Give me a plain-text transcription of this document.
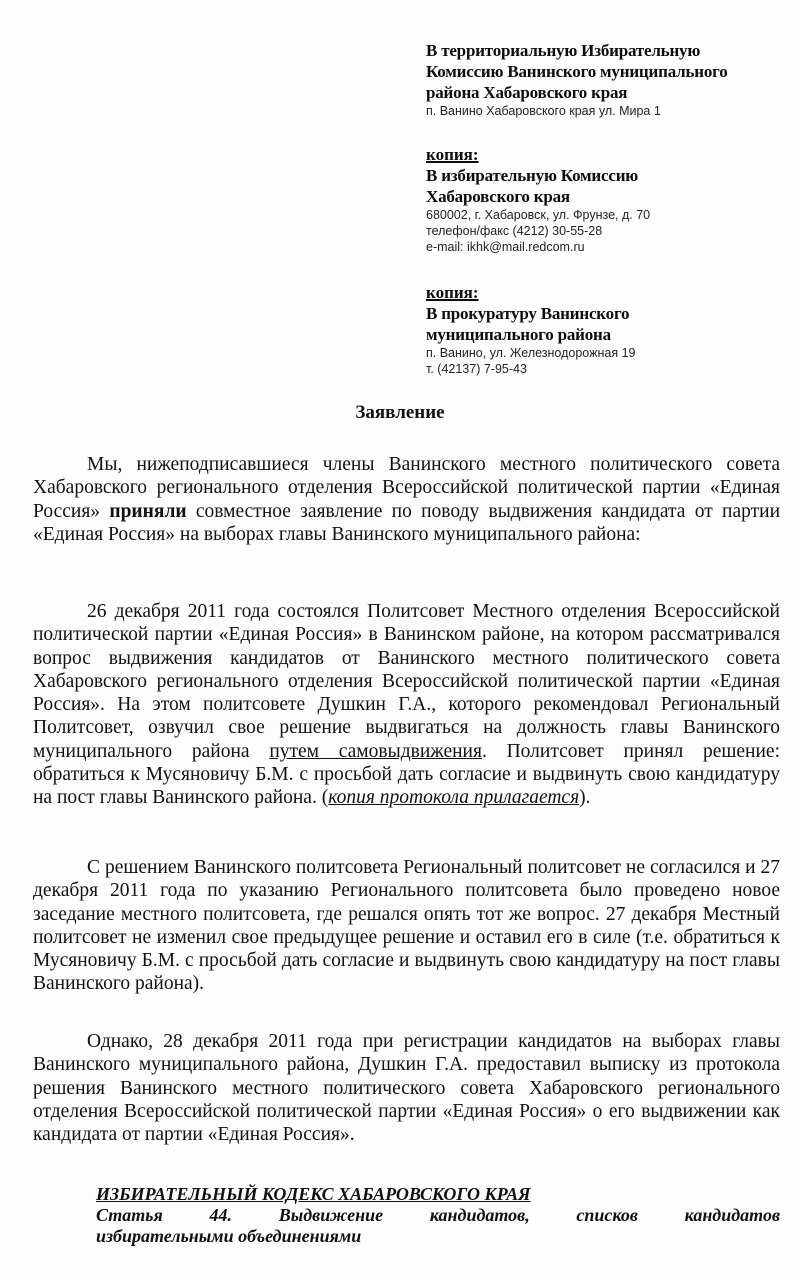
В территориальную Избирательную
Комиссию Ванинского муниципального
района Хабаровского края
п. Ванино Хабаровского края ул. Мира 1
копия:
В избирательную Комиссию
Хабаровского края
680002, г. Хабаровск, ул. Фрунзе, д. 70
телефон/факс (4212) 30-55-28
e-mail: ikhk@mail.redcom.ru
копия:
В прокуратуру Ванинского
муниципального района
п. Ванино, ул. Железнодорожная 19
т. (42137) 7-95-43
Заявление

Мы, нижеподписавшиеся члены Ванинского местного политического совета Хабаровского регионального отделения Всероссийской политической партии «Единая Россия» приняли совместное заявление по поводу выдвижения кандидата от партии «Единая Россия» на выборах главы Ванинского муниципального района:

26 декабря 2011 года состоялся Политсовет Местного отделения Всероссийской политической партии «Единая Россия» в Ванинском районе, на котором рассматривался вопрос выдвижения кандидатов от Ванинского местного политического совета Хабаровского регионального отделения Всероссийской политической партии «Единая Россия». На этом политсовете Душкин Г.А., которого рекомендовал Региональный Политсовет, озвучил свое решение выдвигаться на должность главы Ванинского муниципального района путем самовыдвижения. Политсовет принял решение: обратиться к Мусяновичу Б.М. с просьбой дать согласие и выдвинуть свою кандидатуру на пост главы Ванинского района. (копия протокола прилагается).

С решением Ванинского политсовета Региональный политсовет не согласился и 27 декабря 2011 года по указанию Регионального политсовета было проведено новое заседание местного политсовета, где решался опять тот же вопрос. 27 декабря Местный политсовет не изменил свое предыдущее решение и оставил его в силе (т.е. обратиться к Мусяновичу Б.М. с просьбой дать согласие и выдвинуть свою кандидатуру на пост главы Ванинского района).

Однако, 28 декабря 2011 года при регистрации кандидатов на выборах главы Ванинского муниципального района, Душкин Г.А. предоставил выписку из протокола решения Ванинского местного политического совета Хабаровского регионального отделения Всероссийской политической партии «Единая Россия» о его выдвижении как кандидата от партии «Единая Россия».

ИЗБИРАТЕЛЬНЫЙ КОДЕКС ХАБАРОВСКОГО КРАЯ
Статья	44.	Выдвижение	кандидатов,	списков	кандидатов
избирательными объединениями
